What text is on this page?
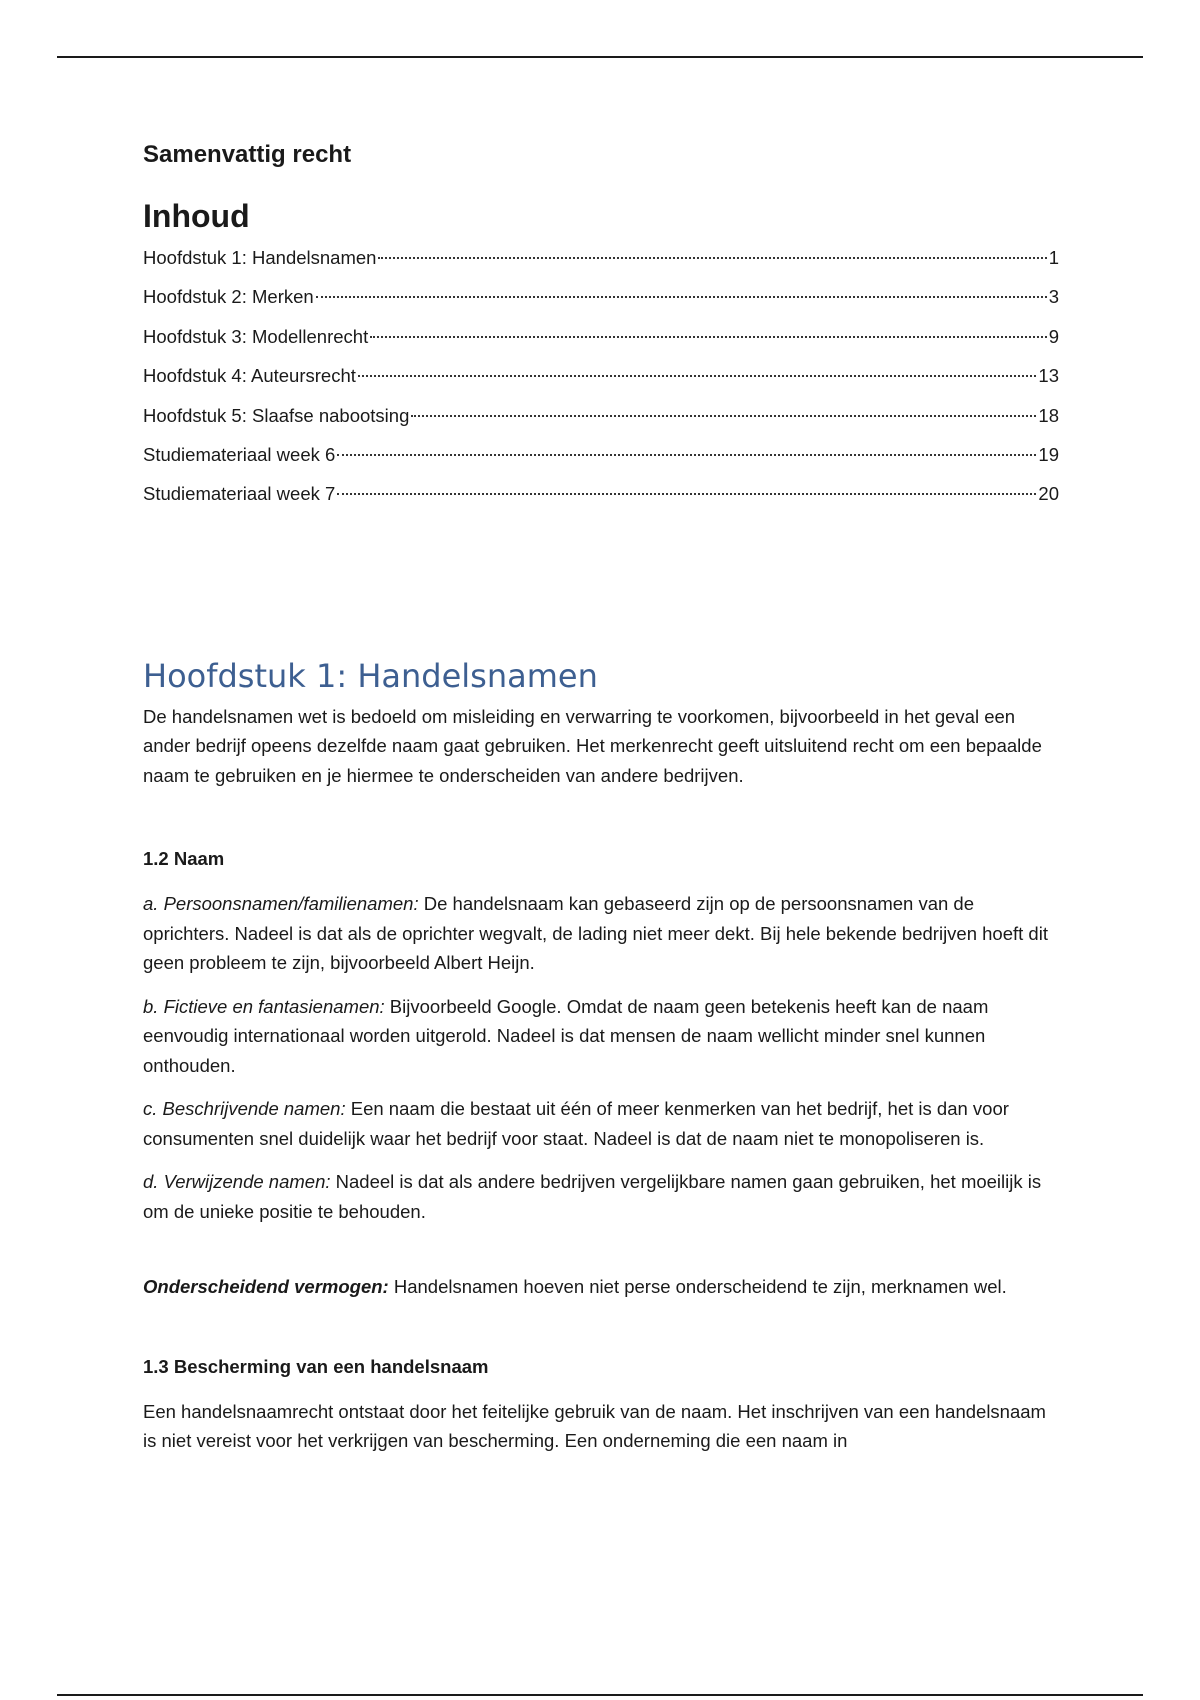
Samenvattig recht
Inhoud
Hoofdstuk 1: Handelsnamen	1
Hoofdstuk 2: Merken	3
Hoofdstuk 3: Modellenrecht	9
Hoofdstuk 4: Auteursrecht	13
Hoofdstuk 5: Slaafse nabootsing	18
Studiemateriaal week 6	19
Studiemateriaal week 7	20
Hoofdstuk 1: Handelsnamen

De handelsnamen wet is bedoeld om misleiding en verwarring te voorkomen, bijvoorbeeld in het geval een ander bedrijf opeens dezelfde naam gaat gebruiken. Het merkenrecht geeft uitsluitend recht om een bepaalde naam te gebruiken en je hiermee te onderscheiden van andere bedrijven.

1.2 Naam

a. Persoonsnamen/familienamen: De handelsnaam kan gebaseerd zijn op de persoonsnamen van de oprichters. Nadeel is dat als de oprichter wegvalt, de lading niet meer dekt. Bij hele bekende bedrijven hoeft dit geen probleem te zijn, bijvoorbeeld Albert Heijn.

b. Fictieve en fantasienamen: Bijvoorbeeld Google. Omdat de naam geen betekenis heeft kan de naam eenvoudig internationaal worden uitgerold. Nadeel is dat mensen de naam wellicht minder snel kunnen onthouden.

c. Beschrijvende namen: Een naam die bestaat uit één of meer kenmerken van het bedrijf, het is dan voor consumenten snel duidelijk waar het bedrijf voor staat. Nadeel is dat de naam niet te monopoliseren is.

d. Verwijzende namen: Nadeel is dat als andere bedrijven vergelijkbare namen gaan gebruiken, het moeilijk is om de unieke positie te behouden.

Onderscheidend vermogen: Handelsnamen hoeven niet perse onderscheidend te zijn, merknamen wel.

1.3 Bescherming van een handelsnaam

Een handelsnaamrecht ontstaat door het feitelijke gebruik van de naam. Het inschrijven van een handelsnaam is niet vereist voor het verkrijgen van bescherming. Een onderneming die een naam in
